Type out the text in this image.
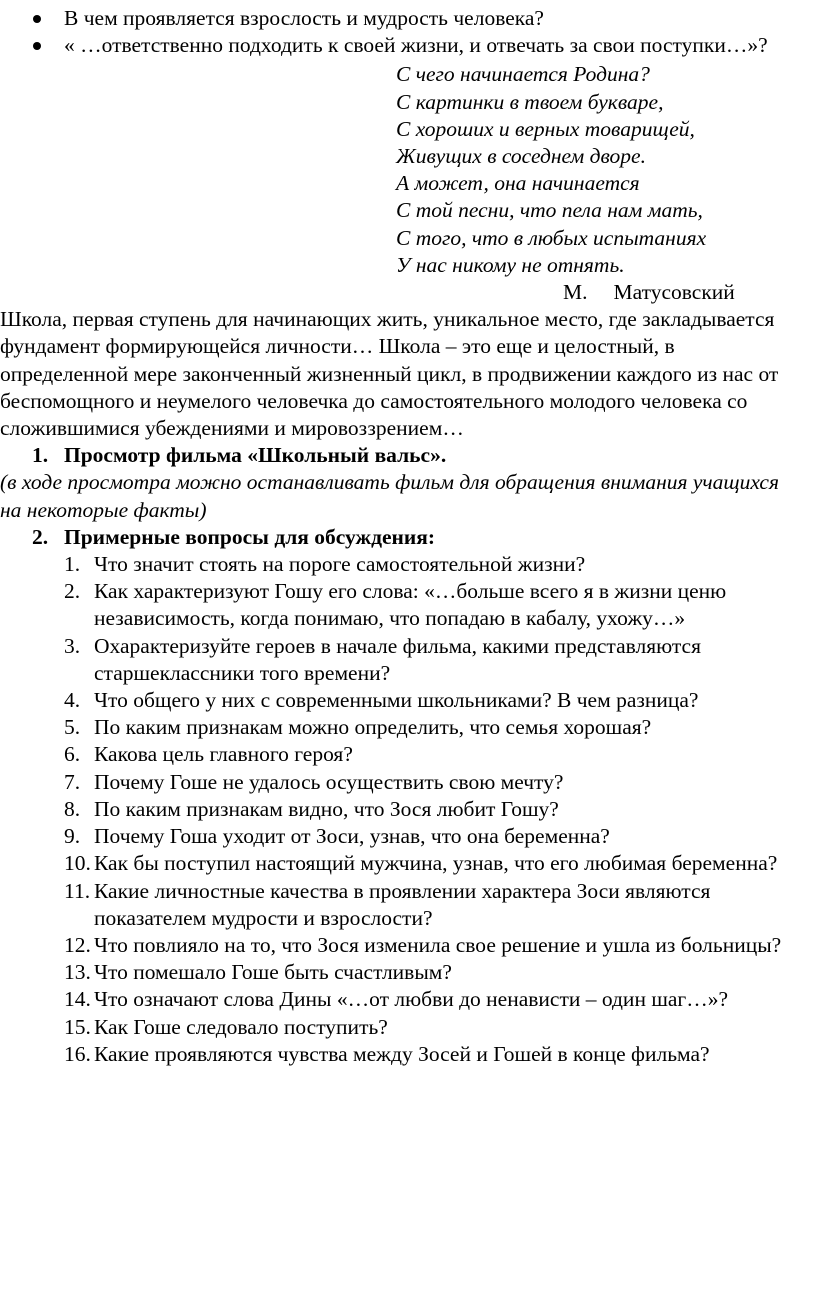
В чем проявляется взрослость и мудрость человека?
« …ответственно подходить к своей жизни, и отвечать за свои поступки…»?
С чего начинается Родина?
С картинки в твоем букваре,
С хороших и верных товарищей,
Живущих в соседнем дворе.
А может, она начинается
С той песни, что пела нам мать,
С того, что в любых испытаниях
У нас никому не отнять.
М. Матусовский

Школа, первая ступень для начинающих жить, уникальное место, где закладывается фундамент формирующейся личности… Школа – это еще и целостный, в определенной мере законченный жизненный цикл, в продвижении каждого из нас от беспомощного и неумелого человечка до самостоятельного молодого человека со сложившимися убеждениями и мировоззрением…

1. Просмотр фильма «Школьный вальс».
(в ходе просмотра можно останавливать фильм для обращения внимания учащихся на некоторые факты)
2. Примерные вопросы для обсуждения:
1. Что значит стоять на пороге самостоятельной жизни?
2. Как характеризуют Гошу его слова: «…больше всего я в жизни ценю независимость, когда понимаю, что попадаю в кабалу, ухожу…»
3. Охарактеризуйте героев в начале фильма, какими представляются старшеклассники того времени?
4. Что общего у них с современными школьниками? В чем разница?
5. По каким признакам можно определить, что семья хорошая?
6. Какова цель главного героя?
7. Почему Гоше не удалось осуществить свою мечту?
8. По каким признакам видно, что Зося любит Гошу?
9. Почему Гоша уходит от Зоси, узнав, что она беременна?
10. Как бы поступил настоящий мужчина, узнав, что его любимая беременна?
11. Какие личностные качества в проявлении характера Зоси являются показателем мудрости и взрослости?
12. Что повлияло на то, что Зося изменила свое решение и ушла из больницы?
13. Что помешало Гоше быть счастливым?
14. Что означают слова Дины «…от любви до ненависти – один шаг…»?
15. Как Гоше следовало поступить?
16. Какие проявляются чувства между Зосей и Гошей в конце фильма?
